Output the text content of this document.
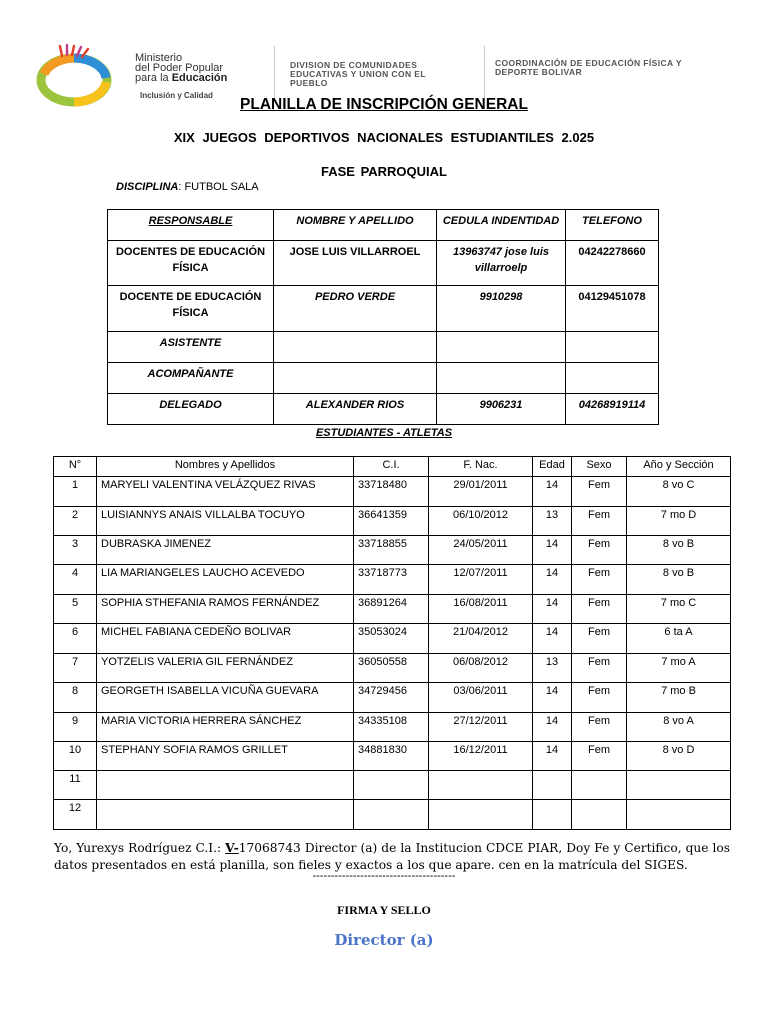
Ministerio
del Poder Popular
para la Educación
Inclusión y Calidad
DIVISION DE COMUNIDADES
EDUCATIVAS Y UNION CON EL
PUEBLO
COORDINACIÓN DE EDUCACIÓN FÍSICA Y
DEPORTE BOLIVAR
PLANILLA DE INSCRIPCIÓN GENERAL
XIX JUEGOS DEPORTIVOS NACIONALES ESTUDIANTILES 2.025
FASE PARROQUIAL
DISCIPLINA: FUTBOL SALA
RESPONSABLE	NOMBRE Y APELLIDO	CEDULA INDENTIDAD	TELEFONO
DOCENTES DE EDUCACIÓN FÍSICA	JOSE LUIS VILLARROEL	13963747 jose luis villarroelp	04242278660
DOCENTE DE EDUCACIÓN FÍSICA	PEDRO VERDE	9910298	04129451078
ASISTENTE			
ACOMPAÑANTE			
DELEGADO	ALEXANDER RIOS	9906231	04268919114
ESTUDIANTES - ATLETAS
N°	Nombres y Apellidos	C.I.	F. Nac.	Edad	Sexo	Año y Sección
1	MARYELI VALENTINA VELÁZQUEZ RIVAS	33718480	29/01/2011	14	Fem	8 vo C
2	LUISIANNYS ANAIS VILLALBA TOCUYO	36641359	06/10/2012	13	Fem	7 mo D
3	DUBRASKA JIMENEZ	33718855	24/05/2011	14	Fem	8 vo B
4	LIA MARIANGELES LAUCHO ACEVEDO	33718773	12/07/2011	14	Fem	8 vo B
5	SOPHIA STHEFANIA RAMOS FERNÁNDEZ	36891264	16/08/2011	14	Fem	7 mo C
6	MICHEL FABIANA CEDEÑO BOLIVAR	35053024	21/04/2012	14	Fem	6 ta A
7	YOTZELIS VALERIA GIL FERNÁNDEZ	36050558	06/08/2012	13	Fem	7 mo A
8	GEORGETH ISABELLA VICUÑA GUEVARA	34729456	03/06/2011	14	Fem	7 mo B
9	MARIA VICTORIA HERRERA SÁNCHEZ	34335108	27/12/2011	14	Fem	8 vo A
10	STEPHANY SOFIA RAMOS GRILLET	34881830	16/12/2011	14	Fem	8 vo D
11						
12						
Yo, Yurexys Rodríguez C.I.: V-17068743 Director (a) de la Institucion CDCE PIAR, Doy Fe y Certifico, que los datos presentados en está planilla, son fieles y exactos a los que apare. cen en la matrícula del SIGES.
---------------------------------------
FIRMA Y SELLO
Director (a)
